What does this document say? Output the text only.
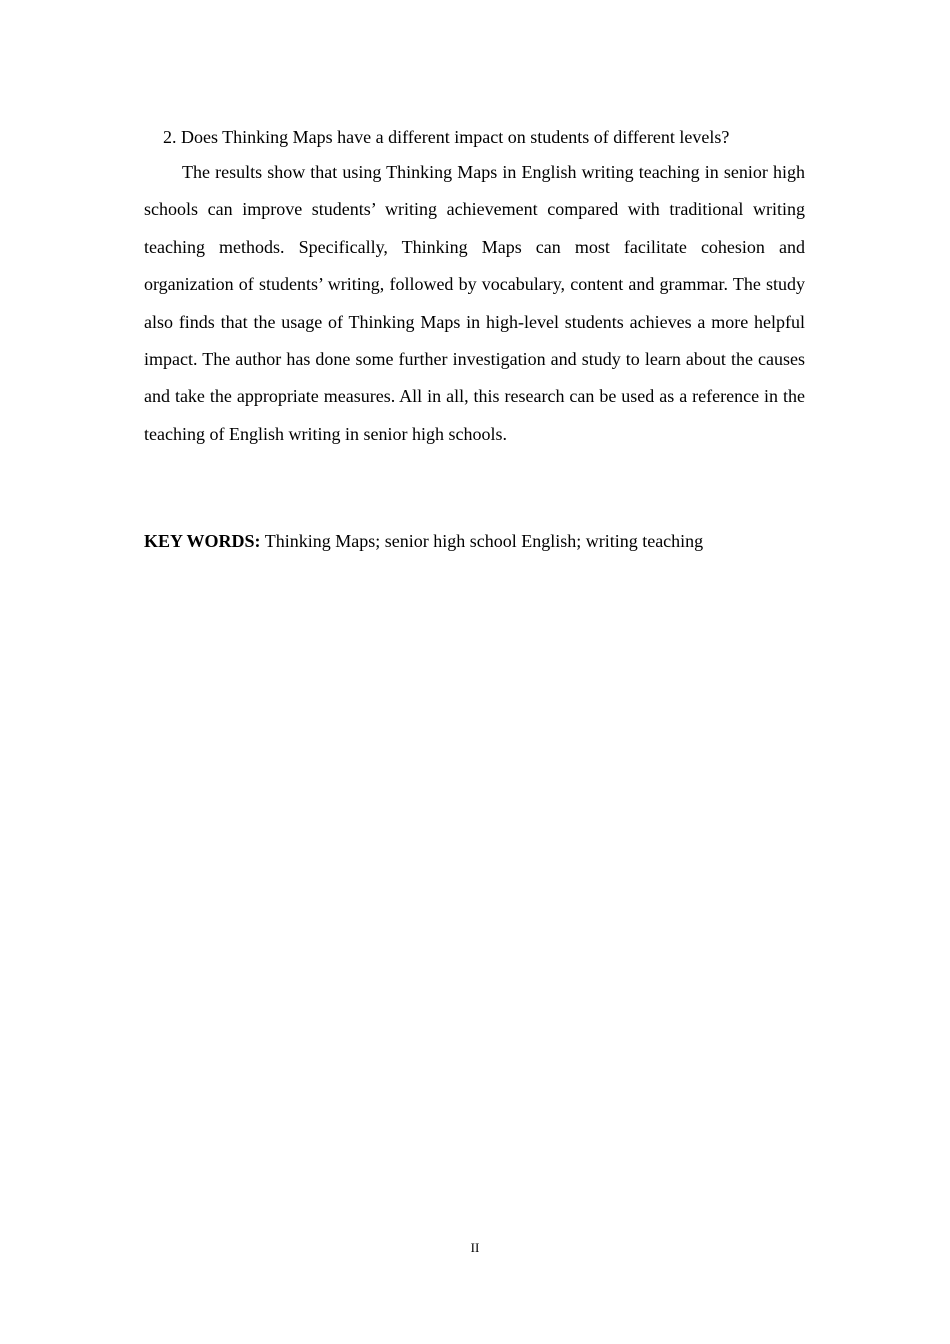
2. Does Thinking Maps have a different impact on students of different levels?

The results show that using Thinking Maps in English writing teaching in senior high schools can improve students’ writing achievement compared with traditional writing teaching methods. Specifically, Thinking Maps can most facilitate cohesion and organization of students’ writing, followed by vocabulary, content and grammar. The study also finds that the usage of Thinking Maps in high-level students achieves a more helpful impact. The author has done some further investigation and study to learn about the causes and take the appropriate measures. All in all, this research can be used as a reference in the teaching of English writing in senior high schools.

KEY WORDS: Thinking Maps; senior high school English; writing teaching

II
